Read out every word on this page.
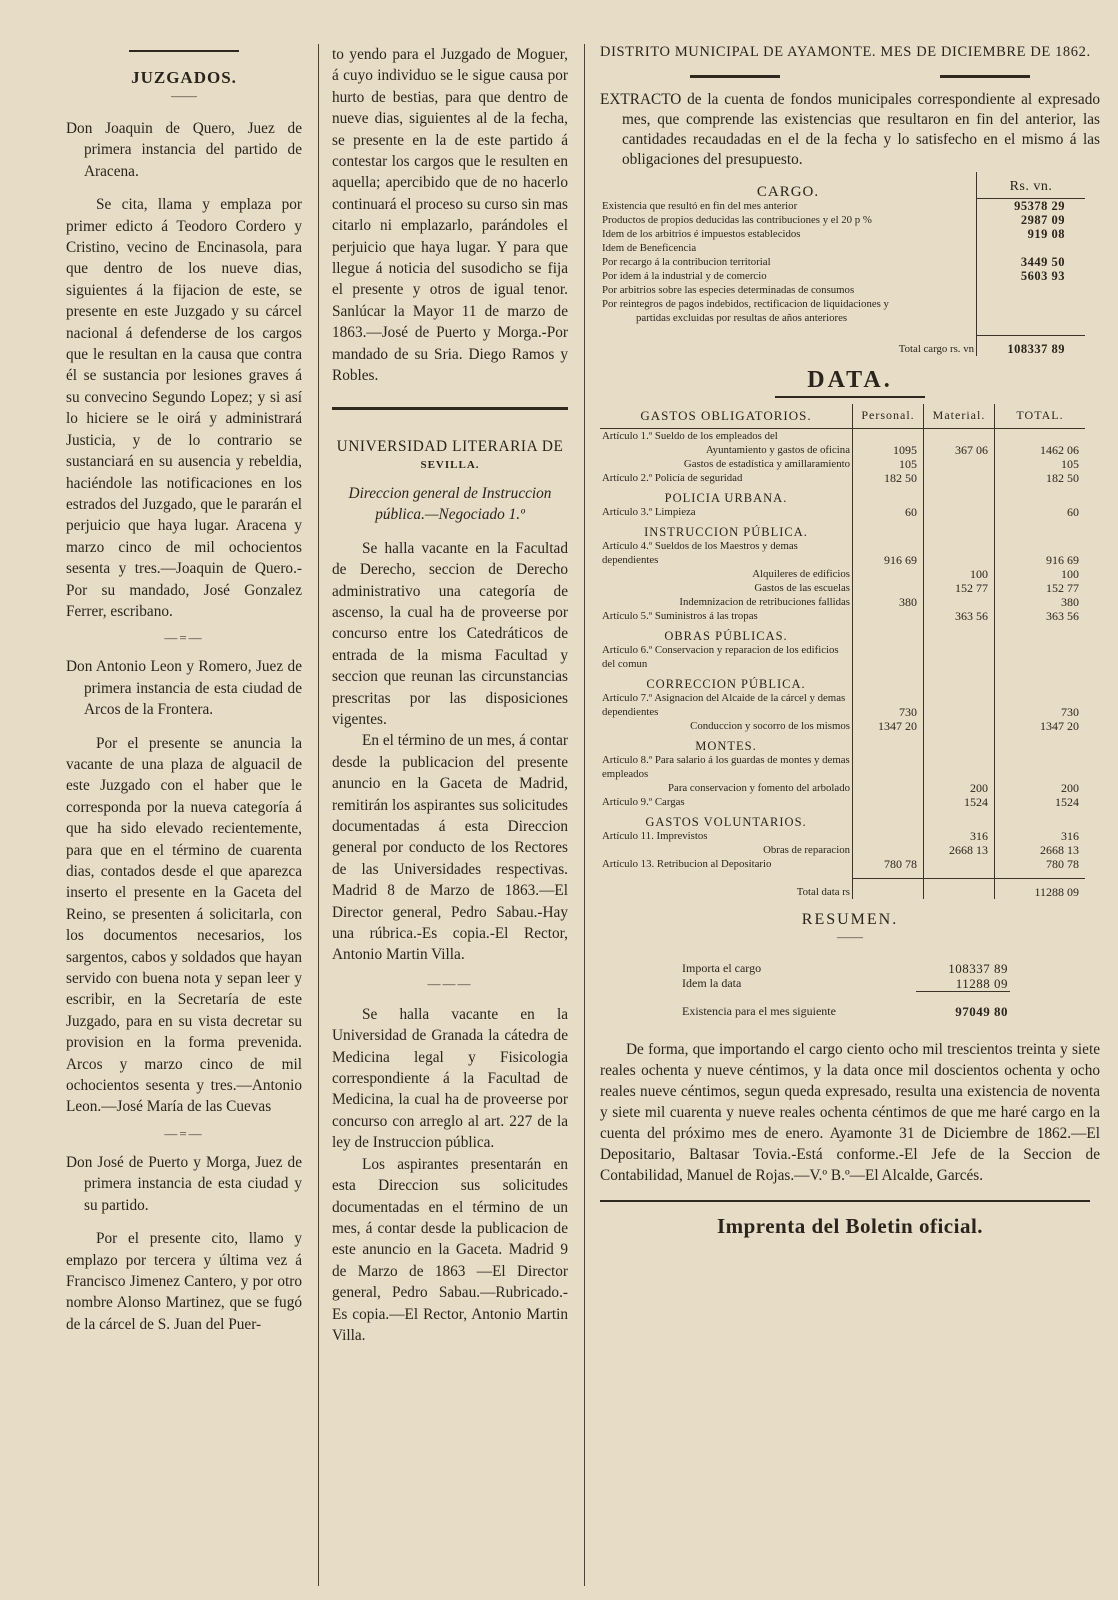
JUZGADOS.

——

Don Joaquin de Quero, Juez de primera instancia del partido de Aracena.

Se cita, llama y emplaza por primer edicto á Teodoro Cordero y Cristino, vecino de Encinasola, para que dentro de los nueve dias, siguientes á la fijacion de este, se presente en este Juzgado y su cárcel nacional á defenderse de los cargos que le resultan en la causa que contra él se sustancia por lesiones graves á su convecino Segundo Lopez; y si así lo hiciere se le oirá y administrará Justicia, y de lo contrario se sustanciará en su ausencia y rebeldia, haciéndole las notificaciones en los estrados del Juzgado, que le pararán el perjuicio que haya lugar. Aracena y marzo cinco de mil ochocientos sesenta y tres.—Joaquin de Quero.-Por su mandado, José Gonzalez Ferrer, escribano.

—=—

Don Antonio Leon y Romero, Juez de primera instancia de esta ciudad de Arcos de la Frontera.

Por el presente se anuncia la vacante de una plaza de alguacil de este Juzgado con el haber que le corresponda por la nueva categoría á que ha sido elevado recientemente, para que en el término de cuarenta dias, contados desde el que aparezca inserto el presente en la Gaceta del Reino, se presenten á solicitarla, con los documentos necesarios, los sargentos, cabos y soldados que hayan servido con buena nota y sepan leer y escribir, en la Secretaría de este Juzgado, para en su vista decretar su provision en la forma prevenida. Arcos y marzo cinco de mil ochocientos sesenta y tres.—Antonio Leon.—José María de las Cuevas

—=—

Don José de Puerto y Morga, Juez de primera instancia de esta ciudad y su partido.

Por el presente cito, llamo y emplazo por tercera y última vez á Francisco Jimenez Cantero, y por otro nombre Alonso Martinez, que se fugó de la cárcel de S. Juan del Puer-

to yendo para el Juzgado de Moguer, á cuyo individuo se le sigue causa por hurto de bestias, para que dentro de nueve dias, siguientes al de la fecha, se presente en la de este partido á contestar los cargos que le resulten en aquella; apercibido que de no hacerlo continuará el proceso su curso sin mas citarlo ni emplazarlo, parándoles el perjuicio que haya lugar. Y para que llegue á noticia del susodicho se fija el presente y otros de igual tenor. Sanlúcar la Mayor 11 de marzo de 1863.—José de Puerto y Morga.-Por mandado de su Sria. Diego Ramos y Robles.

UNIVERSIDAD LITERARIA DE

SEVILLA.

Direccion general de Instruccion pública.—Negociado 1.º

Se halla vacante en la Facultad de Derecho, seccion de Derecho administrativo una categoría de ascenso, la cual ha de proveerse por concurso entre los Catedráticos de entrada de la misma Facultad y seccion que reunan las circunstancias prescritas por las disposiciones vigentes.

En el término de un mes, á contar desde la publicacion del presente anuncio en la Gaceta de Madrid, remitirán los aspirantes sus solicitudes documentadas á esta Direccion general por conducto de los Rectores de las Universidades respectivas. Madrid 8 de Marzo de 1863.—El Director general, Pedro Sabau.-Hay una rúbrica.-Es copia.-El Rector, Antonio Martin Villa.

———

Se halla vacante en la Universidad de Granada la cátedra de Medicina legal y Fisicologia correspondiente á la Facultad de Medicina, la cual ha de proveerse por concurso con arreglo al art. 227 de la ley de Instruccion pública.

Los aspirantes presentarán en esta Direccion sus solicitudes documentadas en el término de un mes, á contar desde la publicacion de este anuncio en la Gaceta. Madrid 9 de Marzo de 1863 —El Director general, Pedro Sabau.—Rubricado.-Es copia.—El Rector, Antonio Martin Villa.

DISTRITO MUNICIPAL DE AYAMONTE. MES DE DICIEMBRE DE 1862.

EXTRACTO de la cuenta de fondos municipales correspondiente al expresado mes, que comprende las existencias que resultaron en fin del anterior, las cantidades recaudadas en el de la fecha y lo satisfecho en el mismo á las obligaciones del presupuesto.

CARGO.	Rs. vn.
Existencia que resultó en fin del mes anterior	95378 29
Productos de propios deducidas las contribuciones y el 20 p %	2987 09
Idem de los arbitrios é impuestos establecidos	919 08
Idem de Beneficencia	
Por recargo á la contribucion territorial	3449 50
Por idem á la industrial y de comercio	5603 93
Por arbitrios sobre las especies determinadas de consumos	
Por reintegros de pagos indebidos, rectificacion de liquidaciones y	
partidas excluidas por resultas de años anteriores	

Total cargo rs. vn	108337 89

DATA.

GASTOS OBLIGATORIOS.	Personal.	Material.	TOTAL.
Artículo 1.º Sueldo de los empleados del			
Ayuntamiento y gastos de oficina	1095	367 06	1462 06
Gastos de estadística y amillaramiento	105		105
Artículo 2.º Policía de seguridad	182 50		182 50
POLICIA URBANA.			
Artículo 3.º Limpieza	60		60
INSTRUCCION PÚBLICA.			
Artículo 4.º Sueldos de los Maestros y demas dependientes	916 69		916 69
Alquileres de edificios		100	100
Gastos de las escuelas		152 77	152 77
Indemnizacion de retribuciones fallidas	380		380
Artículo 5.º Suministros á las tropas		363 56	363 56
OBRAS PÚBLICAS.			
Artículo 6.º Conservacion y reparacion de los edificios del comun			
CORRECCION PÚBLICA.			
Artículo 7.º Asignacion del Alcaide de la cárcel y demas dependientes	730		730
Conduccion y socorro de los mismos	1347 20		1347 20
MONTES.			
Artículo 8.º Para salario á los guardas de montes y demas empleados			
Para conservacion y fomento del arbolado		200	200
Artículo 9.º Cargas		1524	1524
GASTOS VOLUNTARIOS.			
Artículo 11. Imprevistos		316	316
Obras de reparacion		2668 13	2668 13
Artículo 13. Retribucion al Depositario	780 78		780 78

Total data rs			11288 09

RESUMEN.

——

Importa el cargo	108337 89
Idem la data	11288 09
Existencia para el mes siguiente	97049 80

De forma, que importando el cargo ciento ocho mil trescientos treinta y siete reales ochenta y nueve céntimos, y la data once mil doscientos ochenta y ocho reales nueve céntimos, segun queda expresado, resulta una existencia de noventa y siete mil cuarenta y nueve reales ochenta céntimos de que me haré cargo en la cuenta del próximo mes de enero. Ayamonte 31 de Diciembre de 1862.—El Depositario, Baltasar Tovia.-Está conforme.-El Jefe de la Seccion de Contabilidad, Manuel de Rojas.—V.º B.º—El Alcalde, Garcés.

Imprenta del Boletin oficial.
